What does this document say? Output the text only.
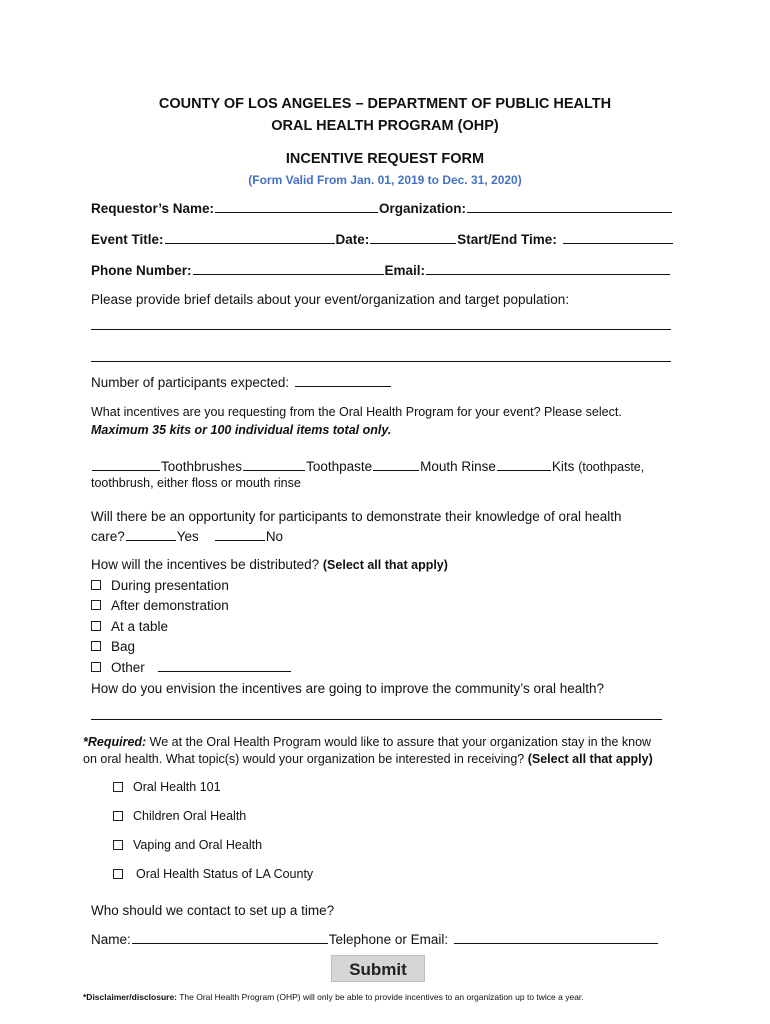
COUNTY OF LOS ANGELES – DEPARTMENT OF PUBLIC HEALTH
ORAL HEALTH PROGRAM (OHP)
INCENTIVE REQUEST FORM
(Form Valid From Jan. 01, 2019 to Dec. 31, 2020)
Requestor’s Name:	Organization:
Event Title:	Date:	Start/End Time:
Phone Number:	Email:
Please provide brief details about your event/organization and target population:
Number of participants expected:
What incentives are you requesting from the Oral Health Program for your event? Please select.
Maximum 35 kits or 100 individual items total only.
Toothbrushes	Toothpaste	Mouth Rinse	Kits (toothpaste,
toothbrush, either floss or mouth rinse
Will there be an opportunity for participants to demonstrate their knowledge of oral health
care?	Yes	No
How will the incentives be distributed? (Select all that apply)
During presentation
After demonstration
At a table
Bag
Other
How do you envision the incentives are going to improve the community’s oral health?
*Required: We at the Oral Health Program would like to assure that your organization stay in the know
on oral health. What topic(s) would your organization be interested in receiving? (Select all that apply)
Oral Health 101
Children Oral Health
Vaping and Oral Health
Oral Health Status of LA County
Who should we contact to set up a time?
Name:	Telephone or Email:
Submit
*Disclaimer/disclosure: The Oral Health Program (OHP) will only be able to provide incentives to an organization up to twice a year.
